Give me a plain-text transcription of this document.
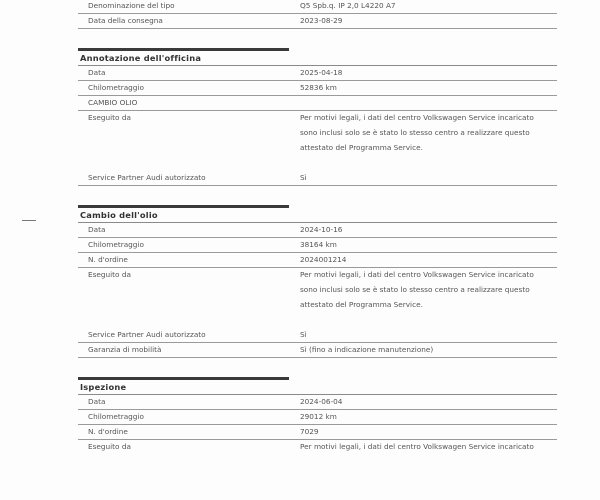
Denominazione del tipo	Q5 Spb.q. IP 2,0 L4220 A7
Data della consegna	2023-08-29
Annotazione dell'officina
Data	2025-04-18
Chilometraggio	52836 km
CAMBIO OLIO
Eseguito da	Per motivi legali, i dati del centro Volkswagen Service incaricato
sono inclusi solo se è stato lo stesso centro a realizzare questo
attestato del Programma Service.
Service Partner Audi autorizzato	Sì
Cambio dell'olio
Data	2024-10-16
Chilometraggio	38164 km
N. d'ordine	2024001214
Eseguito da	Per motivi legali, i dati del centro Volkswagen Service incaricato
sono inclusi solo se è stato lo stesso centro a realizzare questo
attestato del Programma Service.
Service Partner Audi autorizzato	Sì
Garanzia di mobilità	Sì (fino a indicazione manutenzione)
Ispezione
Data	2024-06-04
Chilometraggio	29012 km
N. d'ordine	7029
Eseguito da	Per motivi legali, i dati del centro Volkswagen Service incaricato
